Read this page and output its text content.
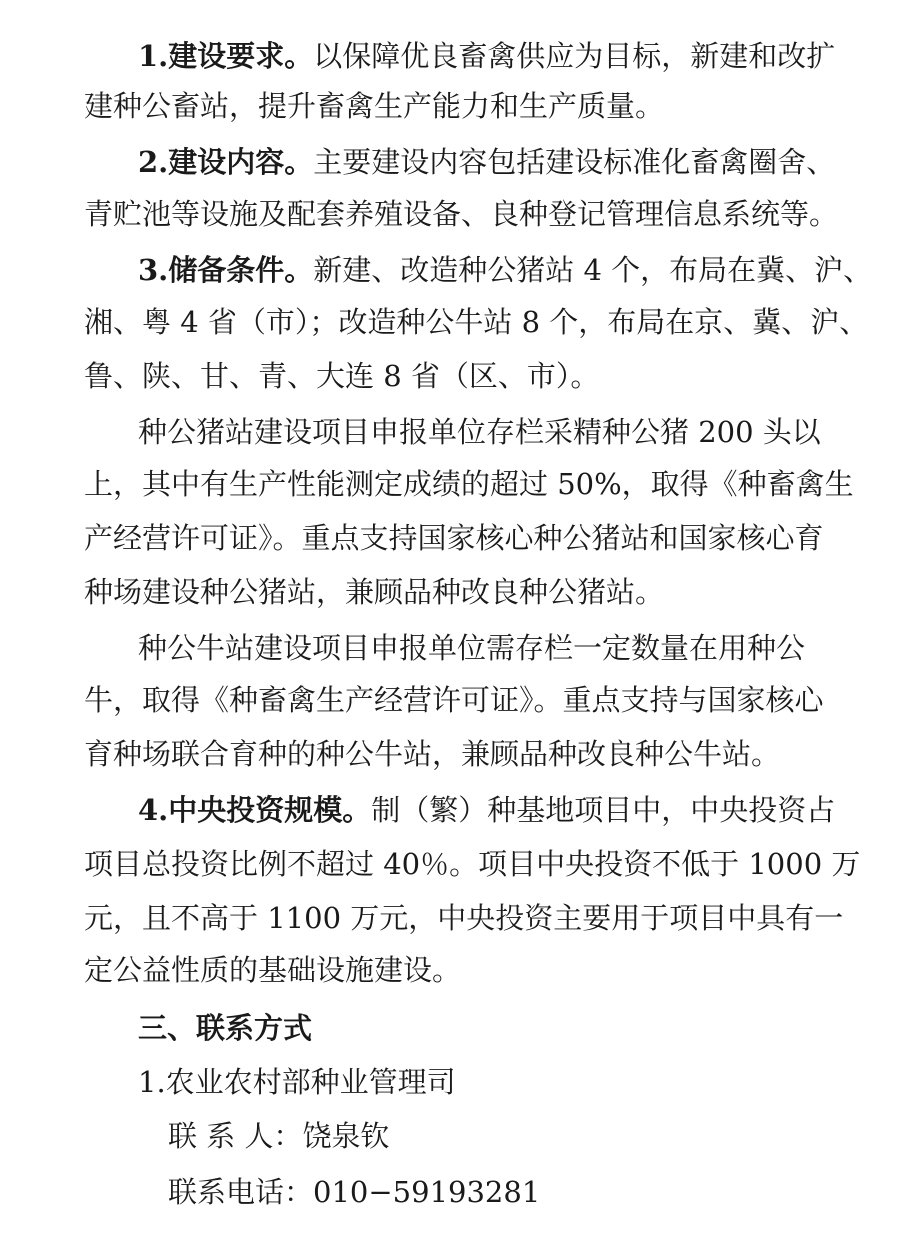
1.建设要求。以保障优良畜禽供应为目标，新建和改扩
建种公畜站，提升畜禽生产能力和生产质量。
2.建设内容。主要建设内容包括建设标准化畜禽圈舍、
青贮池等设施及配套养殖设备、良种登记管理信息系统等。
3.储备条件。新建、改造种公猪站 4 个，布局在冀、沪、
湘、粤 4 省（市）；改造种公牛站 8 个，布局在京、冀、沪、
鲁、陕、甘、青、大连 8 省（区、市）。
种公猪站建设项目申报单位存栏采精种公猪 200 头以
上，其中有生产性能测定成绩的超过 50%，取得《种畜禽生
产经营许可证》。重点支持国家核心种公猪站和国家核心育
种场建设种公猪站，兼顾品种改良种公猪站。
种公牛站建设项目申报单位需存栏一定数量在用种公
牛，取得《种畜禽生产经营许可证》。重点支持与国家核心
育种场联合育种的种公牛站，兼顾品种改良种公牛站。
4.中央投资规模。制（繁）种基地项目中，中央投资占
项目总投资比例不超过 40％。项目中央投资不低于 1000 万
元，且不高于 1100 万元，中央投资主要用于项目中具有一
定公益性质的基础设施建设。
三、联系方式
1.农业农村部种业管理司
联 系 人：饶泉钦
联系电话：010−59193281
